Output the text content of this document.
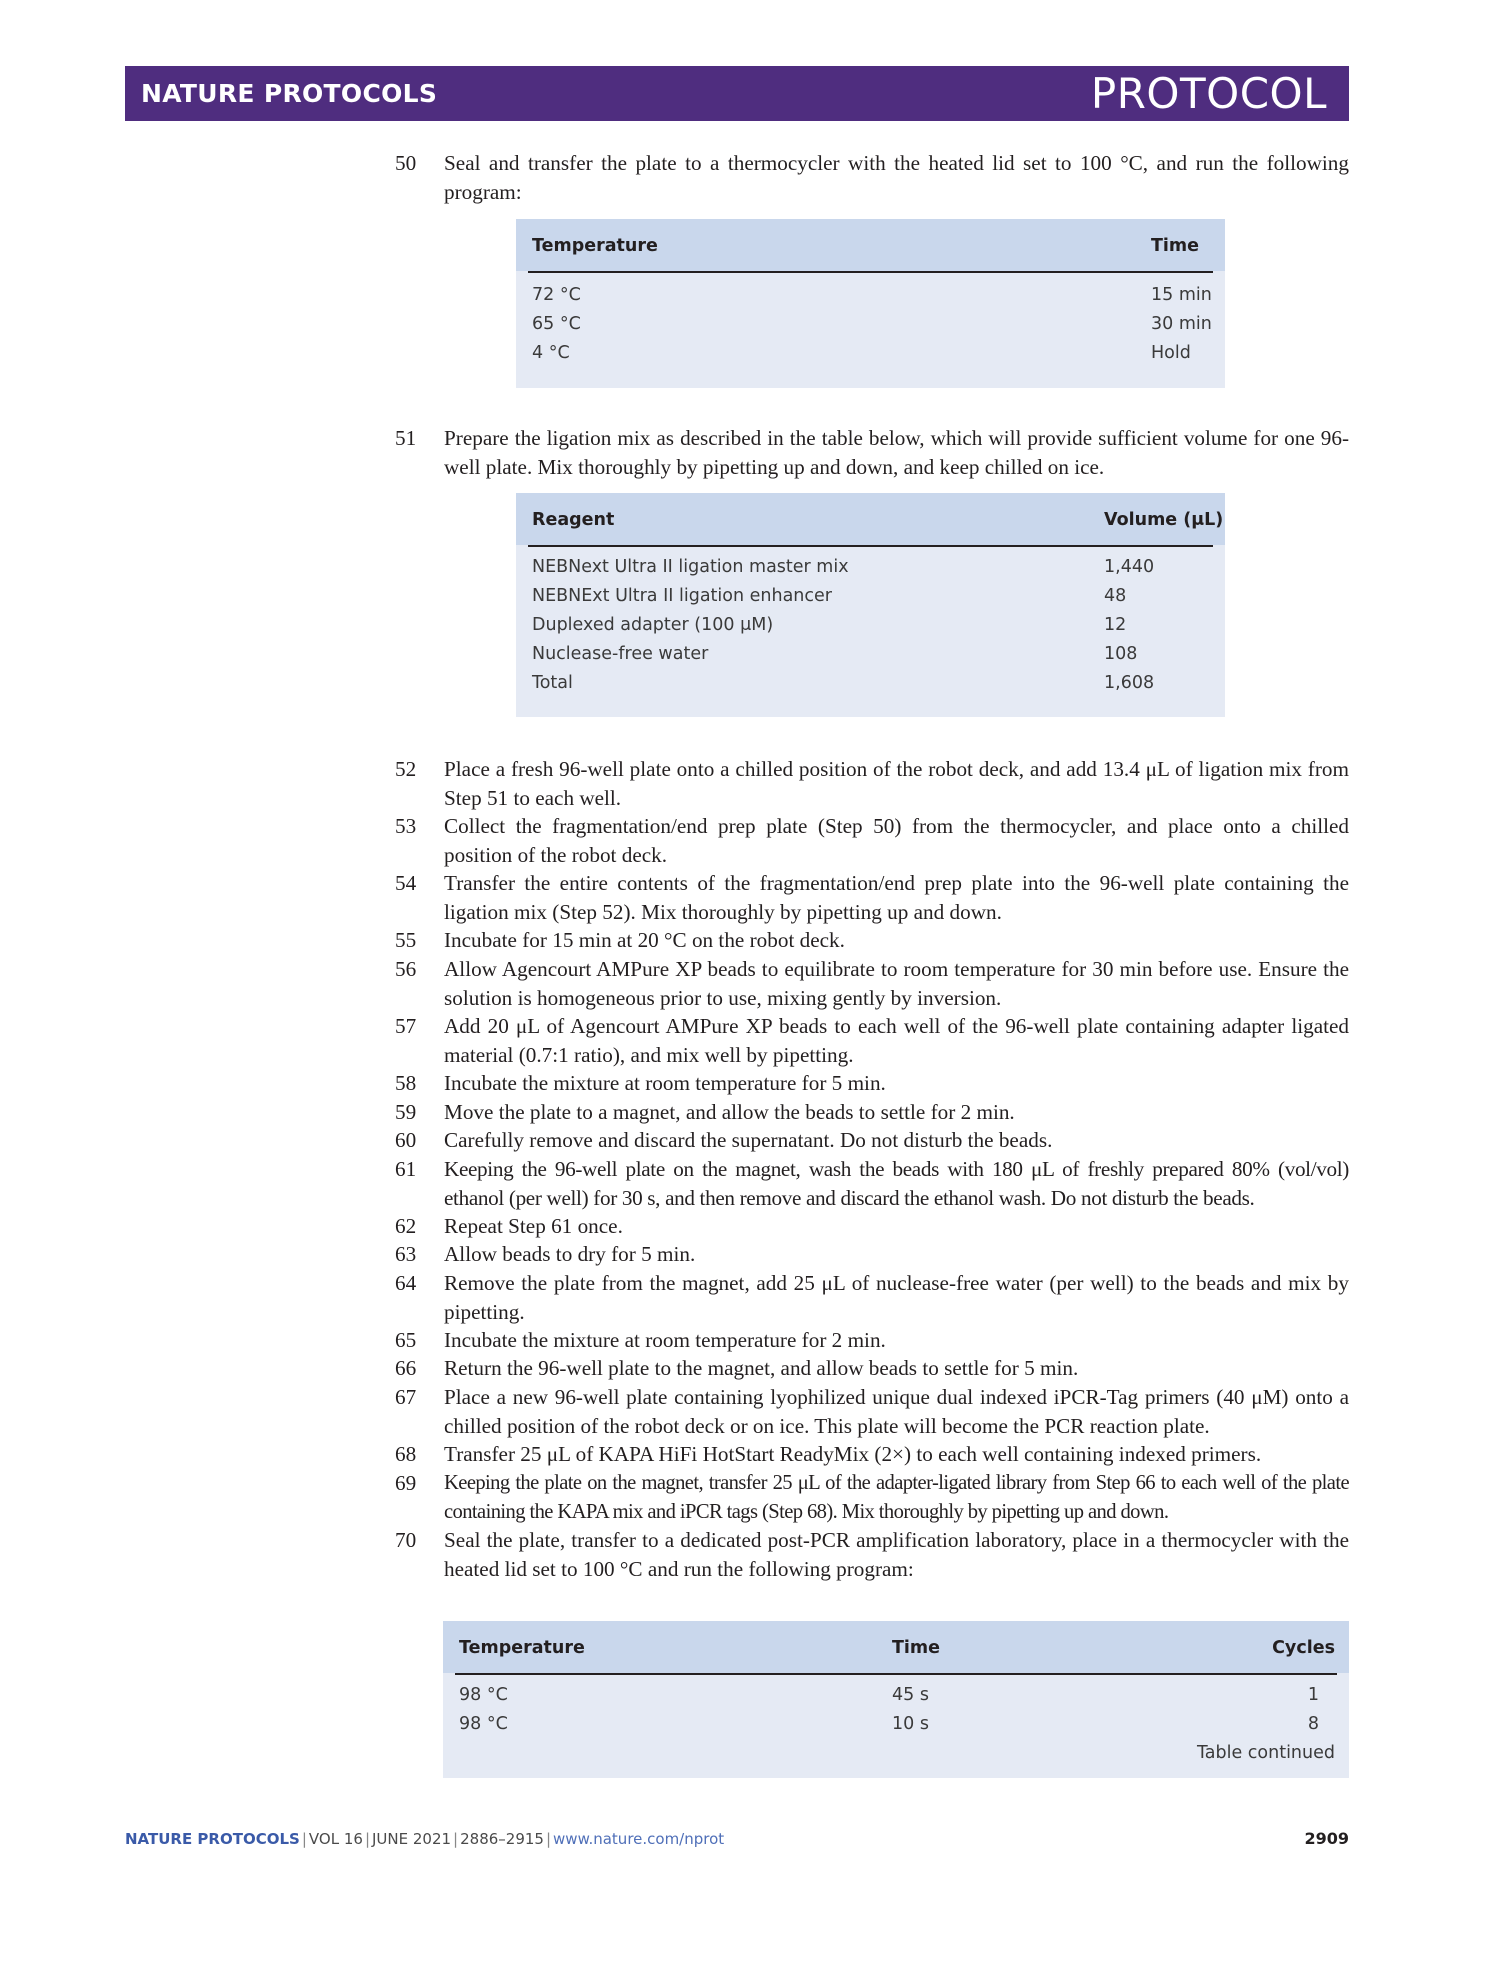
NATURE PROTOCOLS	PROTOCOL
50	Seal and transfer the plate to a thermocycler with the heated lid set to 100 °C, and run the following program:
Temperature	Time
72 °C	15 min
65 °C	30 min
4 °C	Hold
51	Prepare the ligation mix as described in the table below, which will provide sufficient volume for one 96-well plate. Mix thoroughly by pipetting up and down, and keep chilled on ice.
Reagent	Volume (μL)
NEBNext Ultra II ligation master mix	1,440
NEBNExt Ultra II ligation enhancer	48
Duplexed adapter (100 μM)	12
Nuclease-free water	108
Total	1,608
52	Place a fresh 96-well plate onto a chilled position of the robot deck, and add 13.4 μL of ligation mix from Step 51 to each well.
53	Collect the fragmentation/end prep plate (Step 50) from the thermocycler, and place onto a chilled position of the robot deck.
54	Transfer the entire contents of the fragmentation/end prep plate into the 96-well plate containing the ligation mix (Step 52). Mix thoroughly by pipetting up and down.
55	Incubate for 15 min at 20 °C on the robot deck.
56	Allow Agencourt AMPure XP beads to equilibrate to room temperature for 30 min before use. Ensure the solution is homogeneous prior to use, mixing gently by inversion.
57	Add 20 μL of Agencourt AMPure XP beads to each well of the 96-well plate containing adapter ligated material (0.7:1 ratio), and mix well by pipetting.
58	Incubate the mixture at room temperature for 5 min.
59	Move the plate to a magnet, and allow the beads to settle for 2 min.
60	Carefully remove and discard the supernatant. Do not disturb the beads.
61	Keeping the 96-well plate on the magnet, wash the beads with 180 μL of freshly prepared 80% (vol/vol) ethanol (per well) for 30 s, and then remove and discard the ethanol wash. Do not disturb the beads.
62	Repeat Step 61 once.
63	Allow beads to dry for 5 min.
64	Remove the plate from the magnet, add 25 μL of nuclease-free water (per well) to the beads and mix by pipetting.
65	Incubate the mixture at room temperature for 2 min.
66	Return the 96-well plate to the magnet, and allow beads to settle for 5 min.
67	Place a new 96-well plate containing lyophilized unique dual indexed iPCR-Tag primers (40 μM) onto a chilled position of the robot deck or on ice. This plate will become the PCR reaction plate.
68	Transfer 25 μL of KAPA HiFi HotStart ReadyMix (2×) to each well containing indexed primers.
69	Keeping the plate on the magnet, transfer 25 μL of the adapter-ligated library from Step 66 to each well of the plate containing the KAPA mix and iPCR tags (Step 68). Mix thoroughly by pipetting up and down.
70	Seal the plate, transfer to a dedicated post-PCR amplification laboratory, place in a thermocycler with the heated lid set to 100 °C and run the following program:
Temperature	Time	Cycles
98 °C	45 s	1
98 °C	10 s	8
Table continued
NATURE PROTOCOLS | VOL 16 | JUNE 2021 | 2886–2915 | www.nature.com/nprot	2909
